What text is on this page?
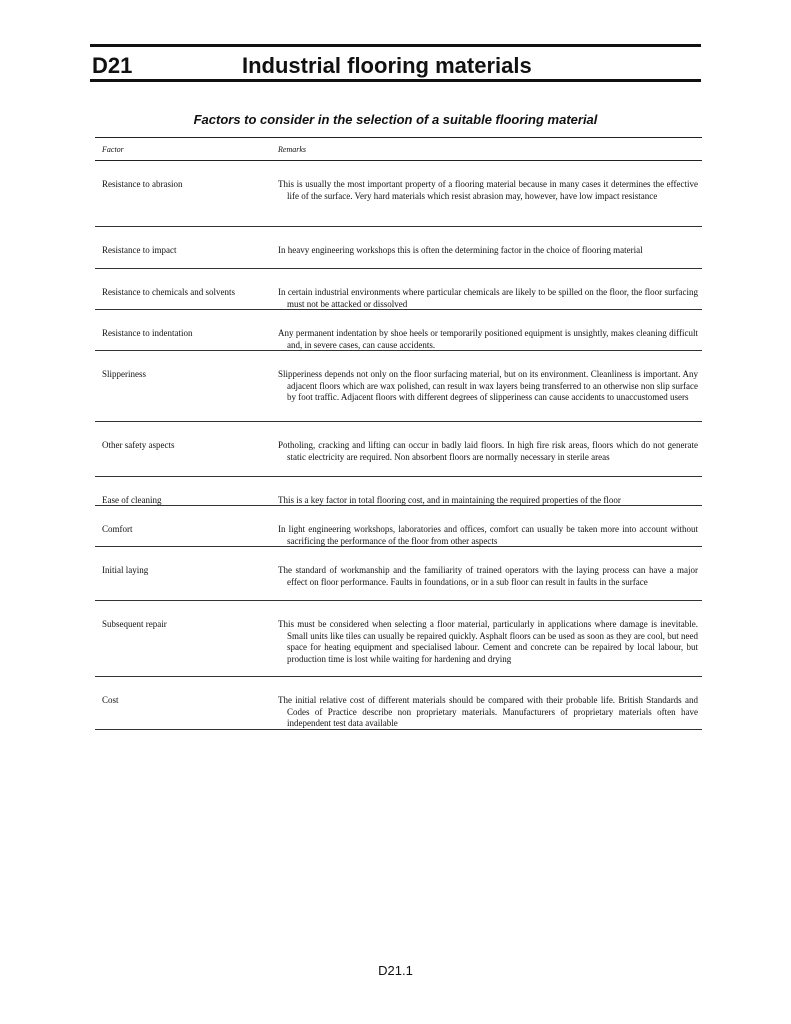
D21	Industrial flooring materials
Factors to consider in the selection of a suitable flooring material
Factor	Remarks
Resistance to abrasion	This is usually the most important property of a flooring material because in many cases it determines the effective life of the surface. Very hard materials which resist abrasion may, however, have low impact resistance
Resistance to impact	In heavy engineering workshops this is often the determining factor in the choice of flooring material
Resistance to chemicals and solvents	In certain industrial environments where particular chemicals are likely to be spilled on the floor, the floor surfacing must not be attacked or dissolved
Resistance to indentation	Any permanent indentation by shoe heels or temporarily positioned equipment is unsightly, makes cleaning difficult and, in severe cases, can cause accidents.
Slipperiness	Slipperiness depends not only on the floor surfacing material, but on its environment. Cleanliness is important. Any adjacent floors which are wax polished, can result in wax layers being transferred to an otherwise non slip surface by foot traffic. Adjacent floors with different degrees of slipperiness can cause accidents to unaccustomed users
Other safety aspects	Potholing, cracking and lifting can occur in badly laid floors. In high fire risk areas, floors which do not generate static electricity are required. Non absorbent floors are normally necessary in sterile areas
Ease of cleaning	This is a key factor in total flooring cost, and in maintaining the required properties of the floor
Comfort	In light engineering workshops, laboratories and offices, comfort can usually be taken more into account without sacrificing the performance of the floor from other aspects
Initial laying	The standard of workmanship and the familiarity of trained operators with the laying process can have a major effect on floor performance. Faults in foundations, or in a sub floor can result in faults in the surface
Subsequent repair	This must be considered when selecting a floor material, particularly in applications where damage is inevitable. Small units like tiles can usually be repaired quickly. Asphalt floors can be used as soon as they are cool, but need space for heating equipment and specialised labour. Cement and concrete can be repaired by local labour, but production time is lost while waiting for hardening and drying
Cost	The initial relative cost of different materials should be compared with their probable life. British Standards and Codes of Practice describe non proprietary materials. Manufacturers of proprietary materials often have independent test data available
D21.1
